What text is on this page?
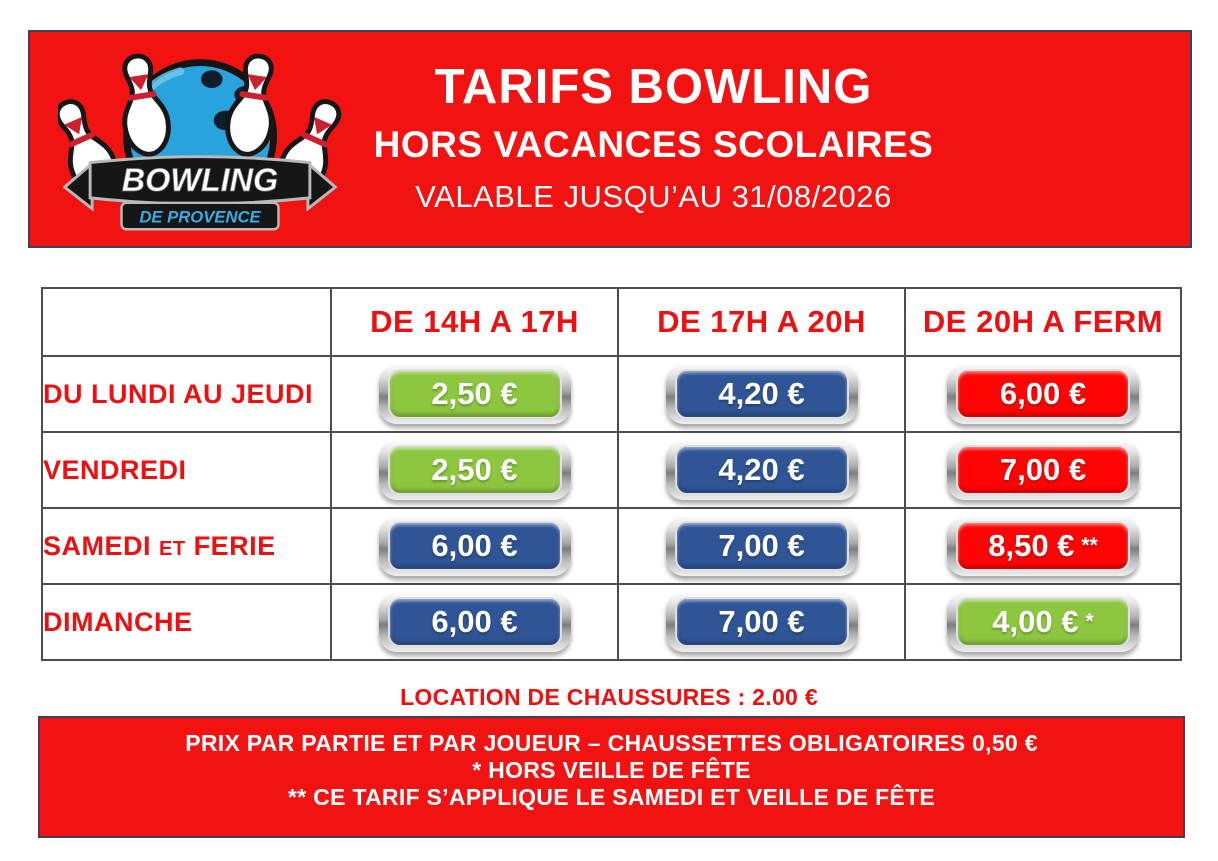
BOWLING
DE PROVENCE
TARIFS BOWLING
HORS VACANCES SCOLAIRES
VALABLE JUSQU’AU 31/08/2026
	DE 14H A 17H	DE 17H A 20H	DE 20H A FERM
DU LUNDI AU JEUDI	2,50 €	4,20 €	6,00 €

VENDREDI	2,50 €	4,20 €	7,00 €

SAMEDI ET FERIE	6,00 €	7,00 €	8,50 € **

DIMANCHE	6,00 €	7,00 €	4,00 € *
LOCATION DE CHAUSSURES : 2.00 €
PRIX PAR PARTIE ET PAR JOUEUR – CHAUSSETTES OBLIGATOIRES 0,50 €
* HORS VEILLE DE FÊTE
** CE TARIF S’APPLIQUE LE SAMEDI ET VEILLE DE FÊTE
